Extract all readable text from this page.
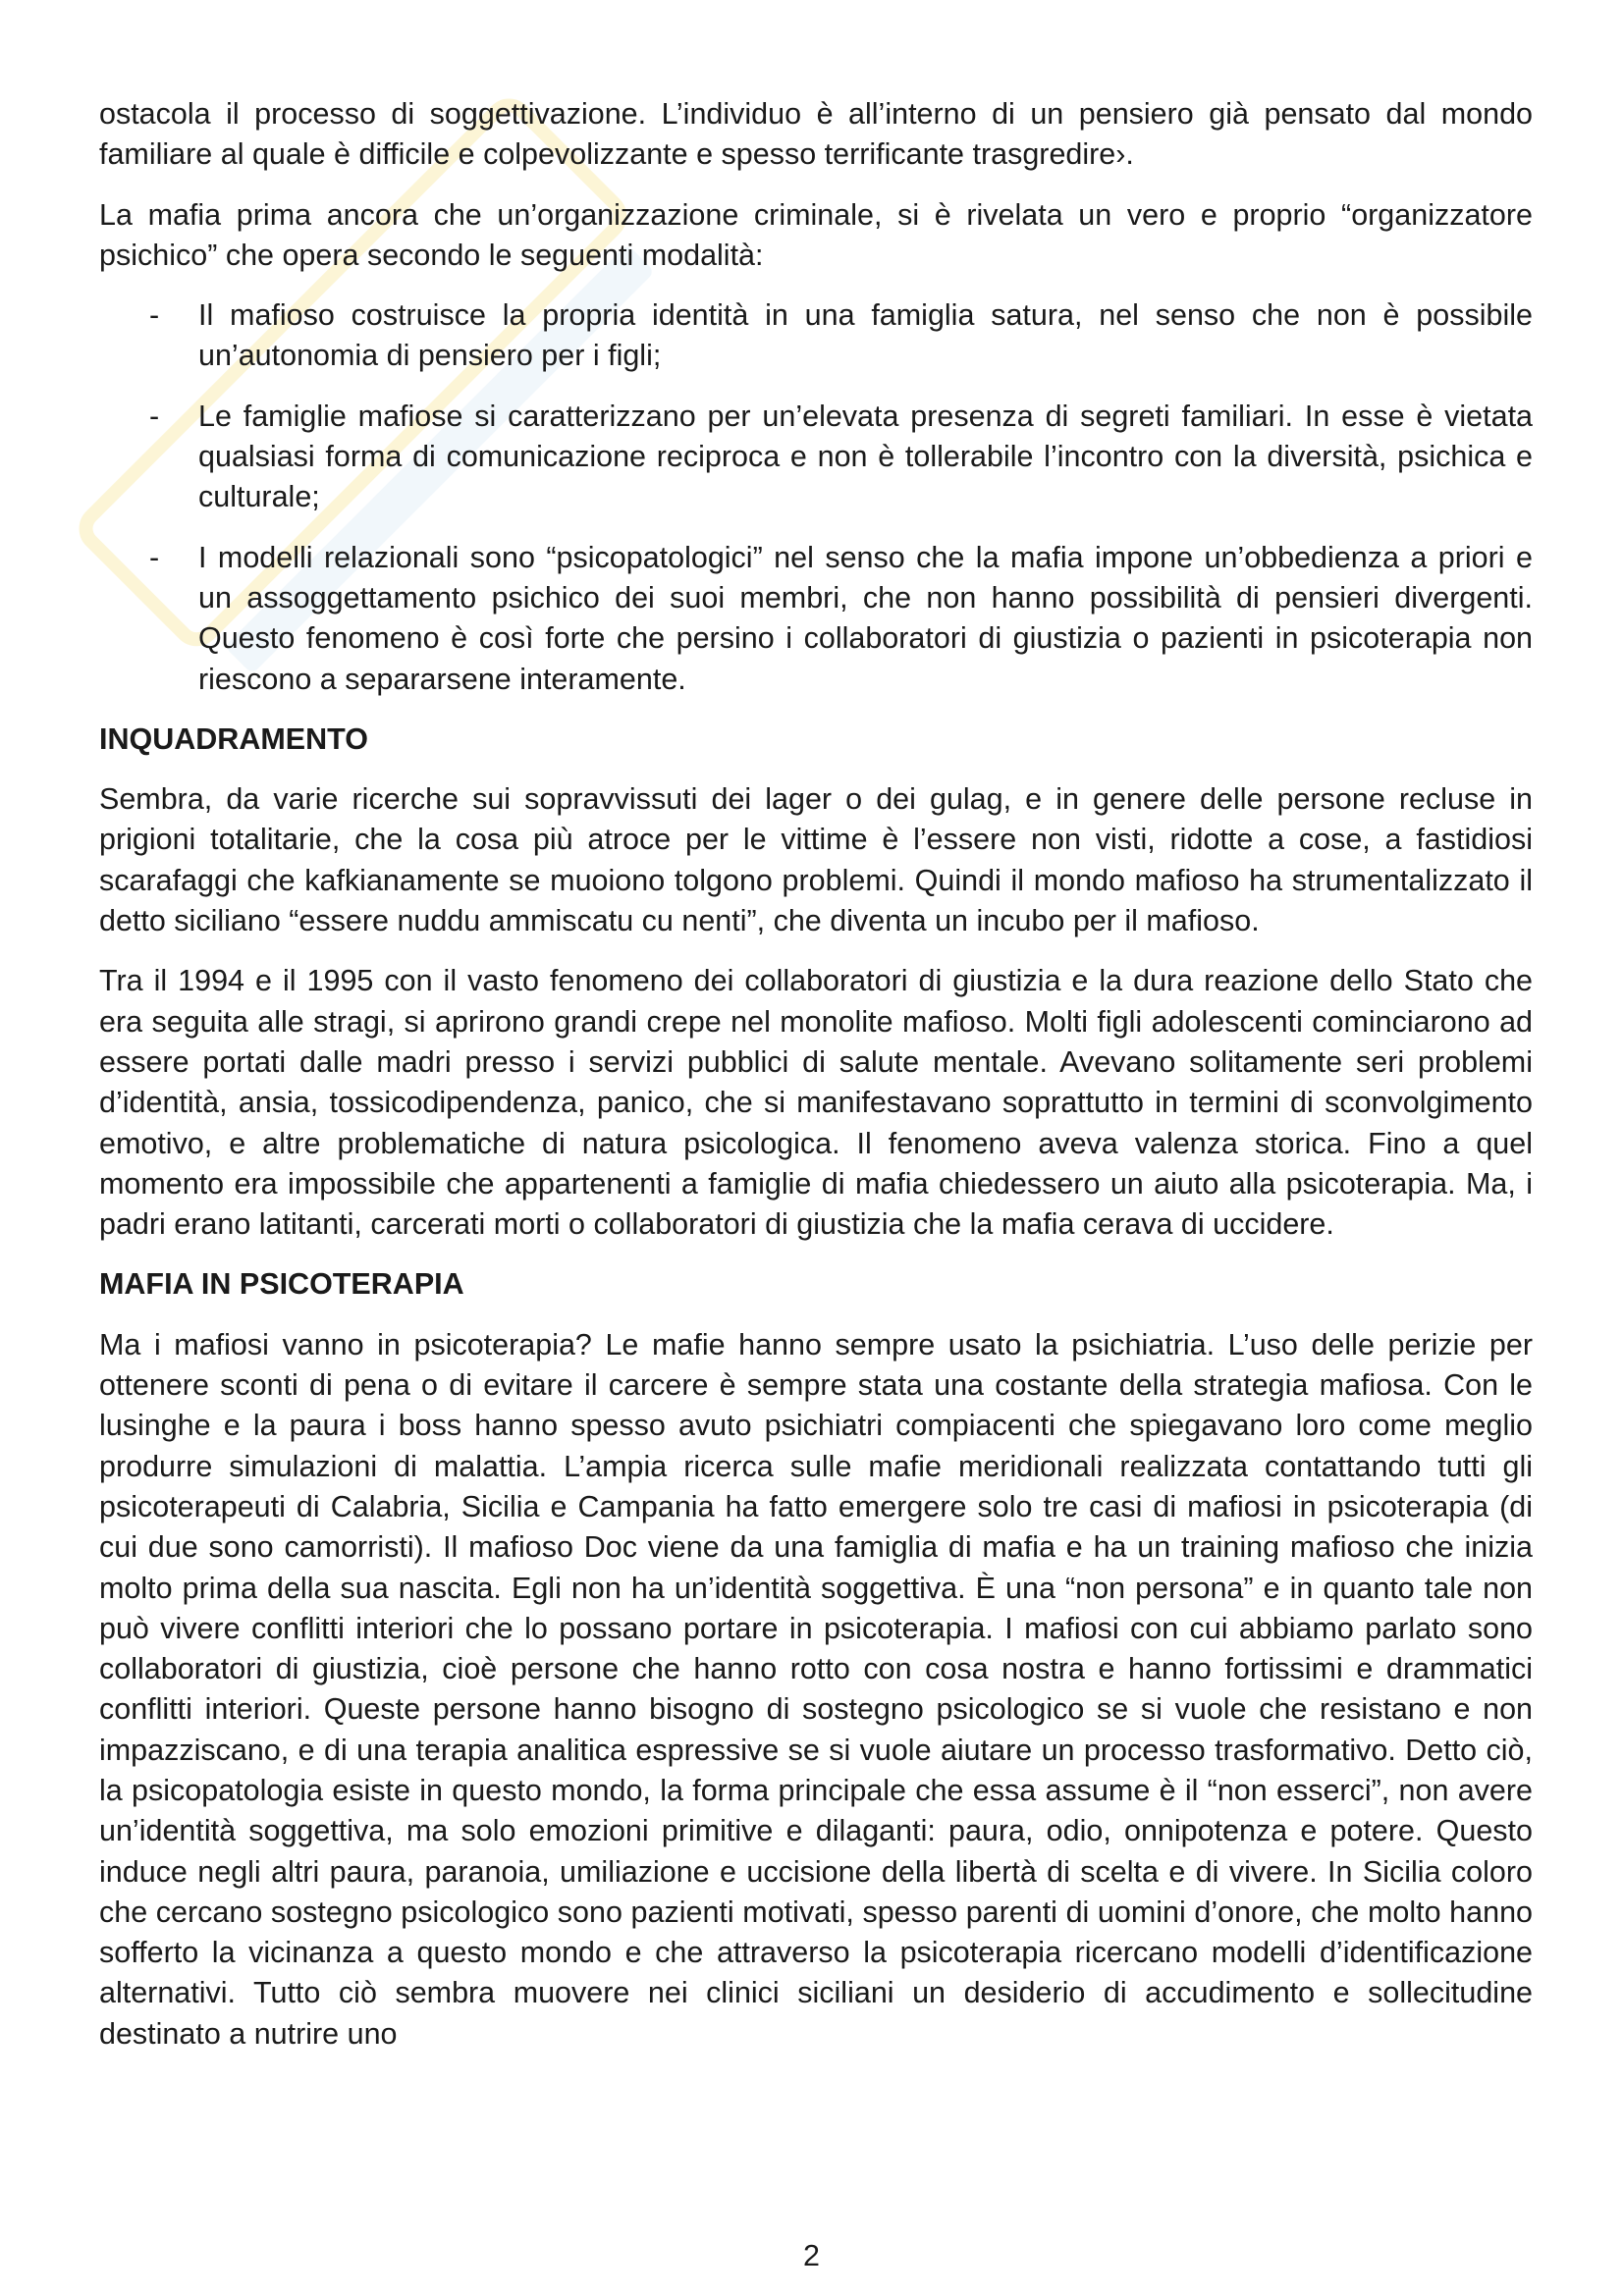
ostacola il processo di soggettivazione. L’individuo è all’interno di un pensiero già pensato dal mondo familiare al quale è difficile e colpevolizzante e spesso terrificante trasgredire›.

La mafia prima ancora che un’organizzazione criminale, si è rivelata un vero e proprio “organizzatore psichico” che opera secondo le seguenti modalità:

- Il mafioso costruisce la propria identità in una famiglia satura, nel senso che non è possibile un’autonomia di pensiero per i figli;
- Le famiglie mafiose si caratterizzano per un’elevata presenza di segreti familiari. In esse è vietata qualsiasi forma di comunicazione reciproca e non è tollerabile l’incontro con la diversità, psichica e culturale;
- I modelli relazionali sono “psicopatologici” nel senso che la mafia impone un’obbedienza a priori e un assoggettamento psichico dei suoi membri, che non hanno possibilità di pensieri divergenti. Questo fenomeno è così forte che persino i collaboratori di giustizia o pazienti in psicoterapia non riescono a separarsene interamente.
INQUADRAMENTO

Sembra, da varie ricerche sui sopravvissuti dei lager o dei gulag, e in genere delle persone recluse in prigioni totalitarie, che la cosa più atroce per le vittime è l’essere non visti, ridotte a cose, a fastidiosi scarafaggi che kafkianamente se muoiono tolgono problemi. Quindi il mondo mafioso ha strumentalizzato il detto siciliano “essere nuddu ammiscatu cu nenti”, che diventa un incubo per il mafioso.

Tra il 1994 e il 1995 con il vasto fenomeno dei collaboratori di giustizia e la dura reazione dello Stato che era seguita alle stragi, si aprirono grandi crepe nel monolite mafioso. Molti figli adolescenti cominciarono ad essere portati dalle madri presso i servizi pubblici di salute mentale. Avevano solitamente seri problemi d’identità, ansia, tossicodipendenza, panico, che si manifestavano soprattutto in termini di sconvolgimento emotivo, e altre problematiche di natura psicologica. Il fenomeno aveva valenza storica. Fino a quel momento era impossibile che appartenenti a famiglie di mafia chiedessero un aiuto alla psicoterapia. Ma, i padri erano latitanti, carcerati morti o collaboratori di giustizia che la mafia cerava di uccidere.

MAFIA IN PSICOTERAPIA

Ma i mafiosi vanno in psicoterapia? Le mafie hanno sempre usato la psichiatria. L’uso delle perizie per ottenere sconti di pena o di evitare il carcere è sempre stata una costante della strategia mafiosa. Con le lusinghe e la paura i boss hanno spesso avuto psichiatri compiacenti che spiegavano loro come meglio produrre simulazioni di malattia. L’ampia ricerca sulle mafie meridionali realizzata contattando tutti gli psicoterapeuti di Calabria, Sicilia e Campania ha fatto emergere solo tre casi di mafiosi in psicoterapia (di cui due sono camorristi). Il mafioso Doc viene da una famiglia di mafia e ha un training mafioso che inizia molto prima della sua nascita. Egli non ha un’identità soggettiva. È una “non persona” e in quanto tale non può vivere conflitti interiori che lo possano portare in psicoterapia. I mafiosi con cui abbiamo parlato sono collaboratori di giustizia, cioè persone che hanno rotto con cosa nostra e hanno fortissimi e drammatici conflitti interiori. Queste persone hanno bisogno di sostegno psicologico se si vuole che resistano e non impazziscano, e di una terapia analitica espressive se si vuole aiutare un processo trasformativo. Detto ciò, la psicopatologia esiste in questo mondo, la forma principale che essa assume è il “non esserci”, non avere un’identità soggettiva, ma solo emozioni primitive e dilaganti: paura, odio, onnipotenza e potere. Questo induce negli altri paura, paranoia, umiliazione e uccisione della libertà di scelta e di vivere. In Sicilia coloro che cercano sostegno psicologico sono pazienti motivati, spesso parenti di uomini d’onore, che molto hanno sofferto la vicinanza a questo mondo e che attraverso la psicoterapia ricercano modelli d’identificazione alternativi. Tutto ciò sembra muovere nei clinici siciliani un desiderio di accudimento e sollecitudine destinato a nutrire uno

2
